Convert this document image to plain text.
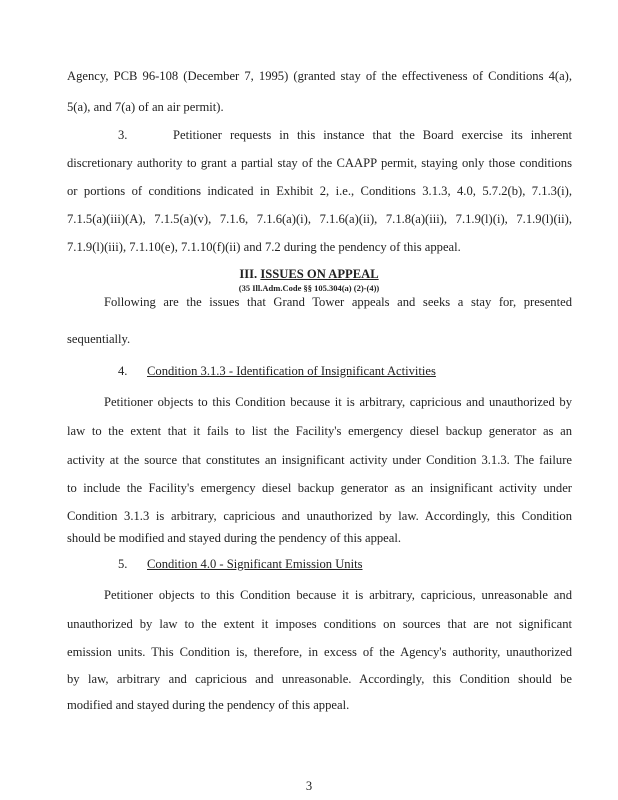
Agency, PCB 96-108 (December 7, 1995) (granted stay of the effectiveness of Conditions 4(a),
5(a), and 7(a) of an air permit).
3.	Petitioner requests in this instance that the Board exercise its inherent
discretionary authority to grant a partial stay of the CAAPP permit, staying only those conditions
or portions of conditions indicated in Exhibit 2, i.e., Conditions 3.1.3, 4.0, 5.7.2(b), 7.1.3(i),
7.1.5(a)(iii)(A), 7.1.5(a)(v), 7.1.6, 7.1.6(a)(i), 7.1.6(a)(ii), 7.1.8(a)(iii), 7.1.9(l)(i), 7.1.9(l)(ii),
7.1.9(l)(iii), 7.1.10(e), 7.1.10(f)(ii) and 7.2 during the pendency of this appeal.
III. ISSUES ON APPEAL
(35 Ill.Adm.Code §§ 105.304(a) (2)-(4))
Following are the issues that Grand Tower appeals and seeks a stay for, presented
sequentially.
4. Condition 3.1.3 - Identification of Insignificant Activities
Petitioner objects to this Condition because it is arbitrary, capricious and unauthorized by
law to the extent that it fails to list the Facility's emergency diesel backup generator as an
activity at the source that constitutes an insignificant activity under Condition 3.1.3. The failure
to include the Facility's emergency diesel backup generator as an insignificant activity under
Condition 3.1.3 is arbitrary, capricious and unauthorized by law. Accordingly, this Condition
should be modified and stayed during the pendency of this appeal.
5. Condition 4.0 - Significant Emission Units
Petitioner objects to this Condition because it is arbitrary, capricious, unreasonable and
unauthorized by law to the extent it imposes conditions on sources that are not significant
emission units. This Condition is, therefore, in excess of the Agency's authority, unauthorized
by law, arbitrary and capricious and unreasonable. Accordingly, this Condition should be
modified and stayed during the pendency of this appeal.
3
